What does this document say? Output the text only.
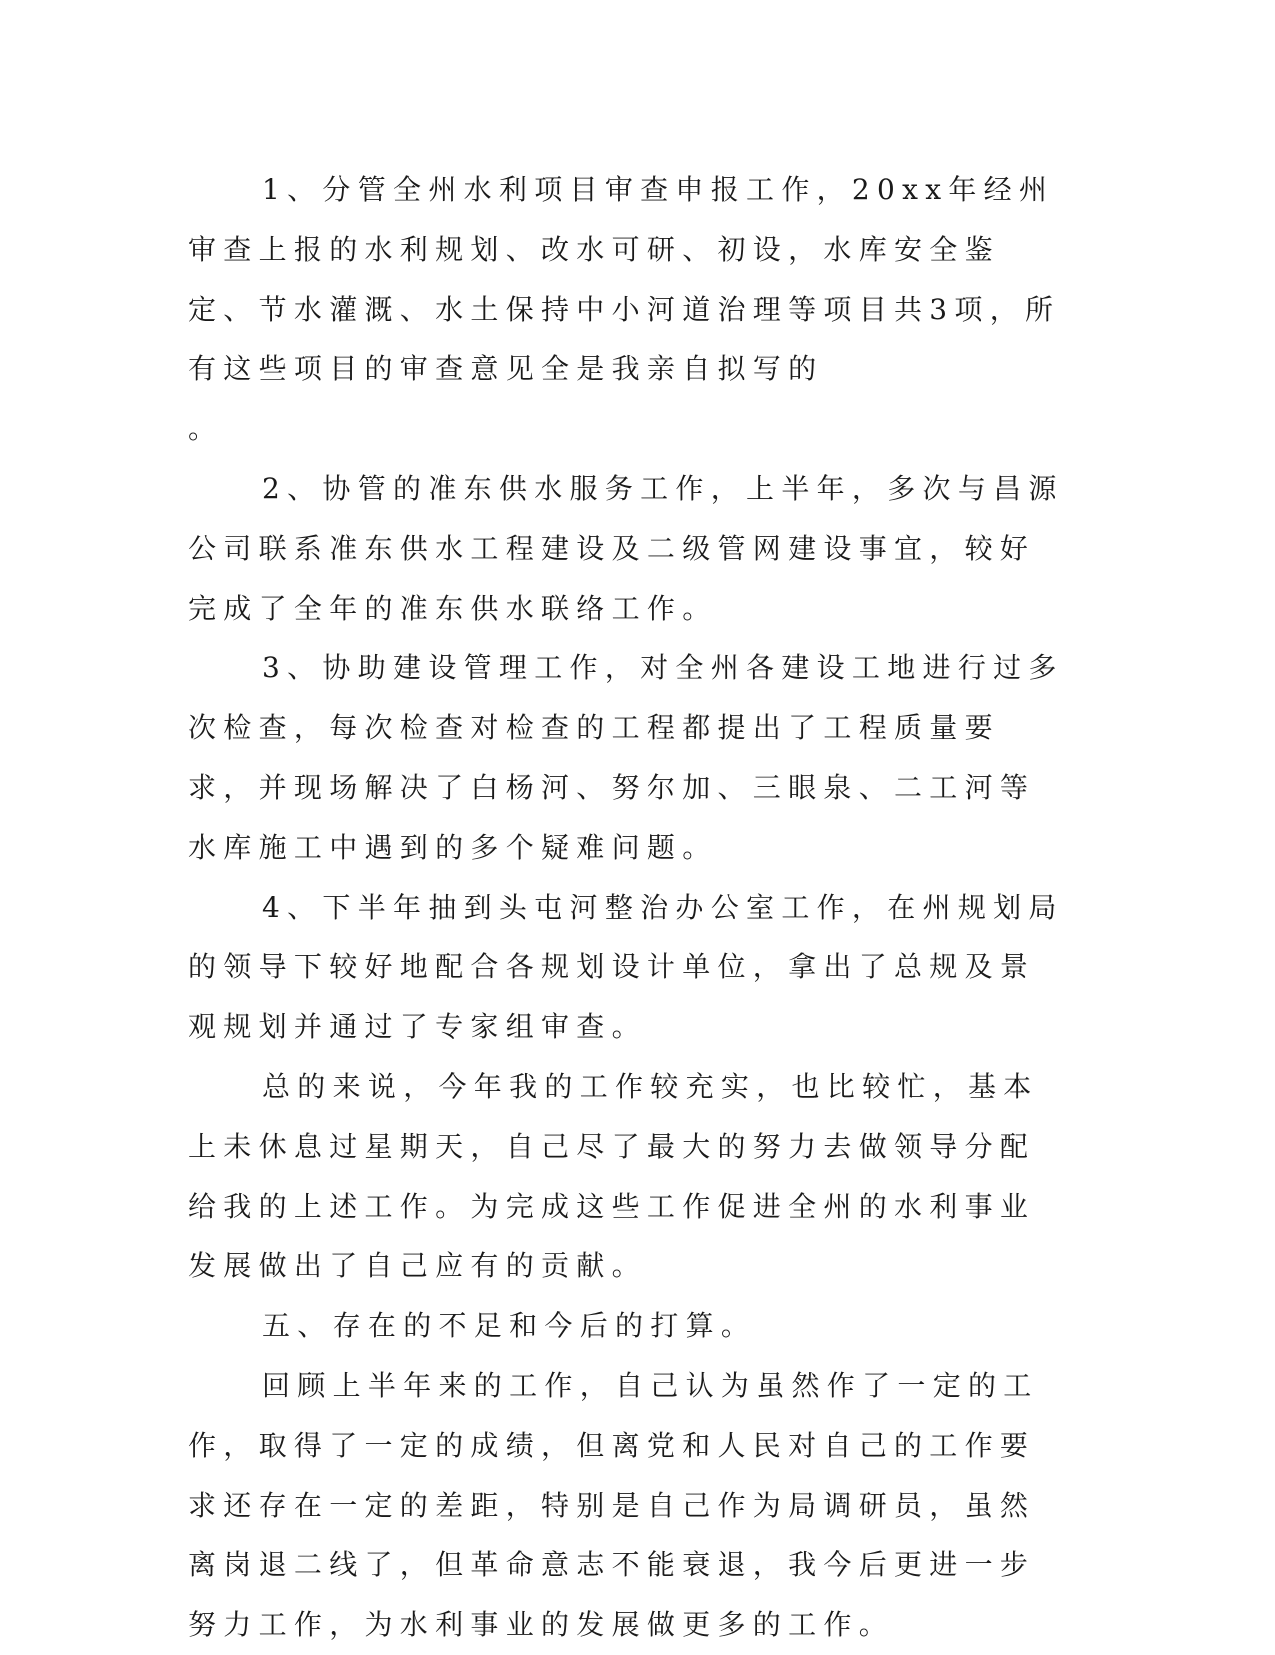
1、分管全州水利项目审查申报工作，20xx年经州审查上报的水利规划、改水可研、初设，水库安全鉴定、节水灌溉、水土保持中小河道治理等项目共3项，所有这些项目的审查意见全是我亲自拟写的

。

2、协管的准东供水服务工作，上半年，多次与昌源公司联系准东供水工程建设及二级管网建设事宜，较好完成了全年的准东供水联络工作。

3、协助建设管理工作，对全州各建设工地进行过多次检查，每次检查对检查的工程都提出了工程质量要求，并现场解决了白杨河、努尔加、三眼泉、二工河等水库施工中遇到的多个疑难问题。

4、下半年抽到头屯河整治办公室工作，在州规划局的领导下较好地配合各规划设计单位，拿出了总规及景观规划并通过了专家组审查。

总的来说，今年我的工作较充实，也比较忙，基本上未休息过星期天，自己尽了最大的努力去做领导分配给我的上述工作。为完成这些工作促进全州的水利事业发展做出了自己应有的贡献。

五、存在的不足和今后的打算。

回顾上半年来的工作，自己认为虽然作了一定的工作，取得了一定的成绩，但离党和人民对自己的工作要求还存在一定的差距，特别是自己作为局调研员，虽然离岗退二线了，但革命意志不能衰退，我今后更进一步努力工作，为水利事业的发展做更多的工作。
